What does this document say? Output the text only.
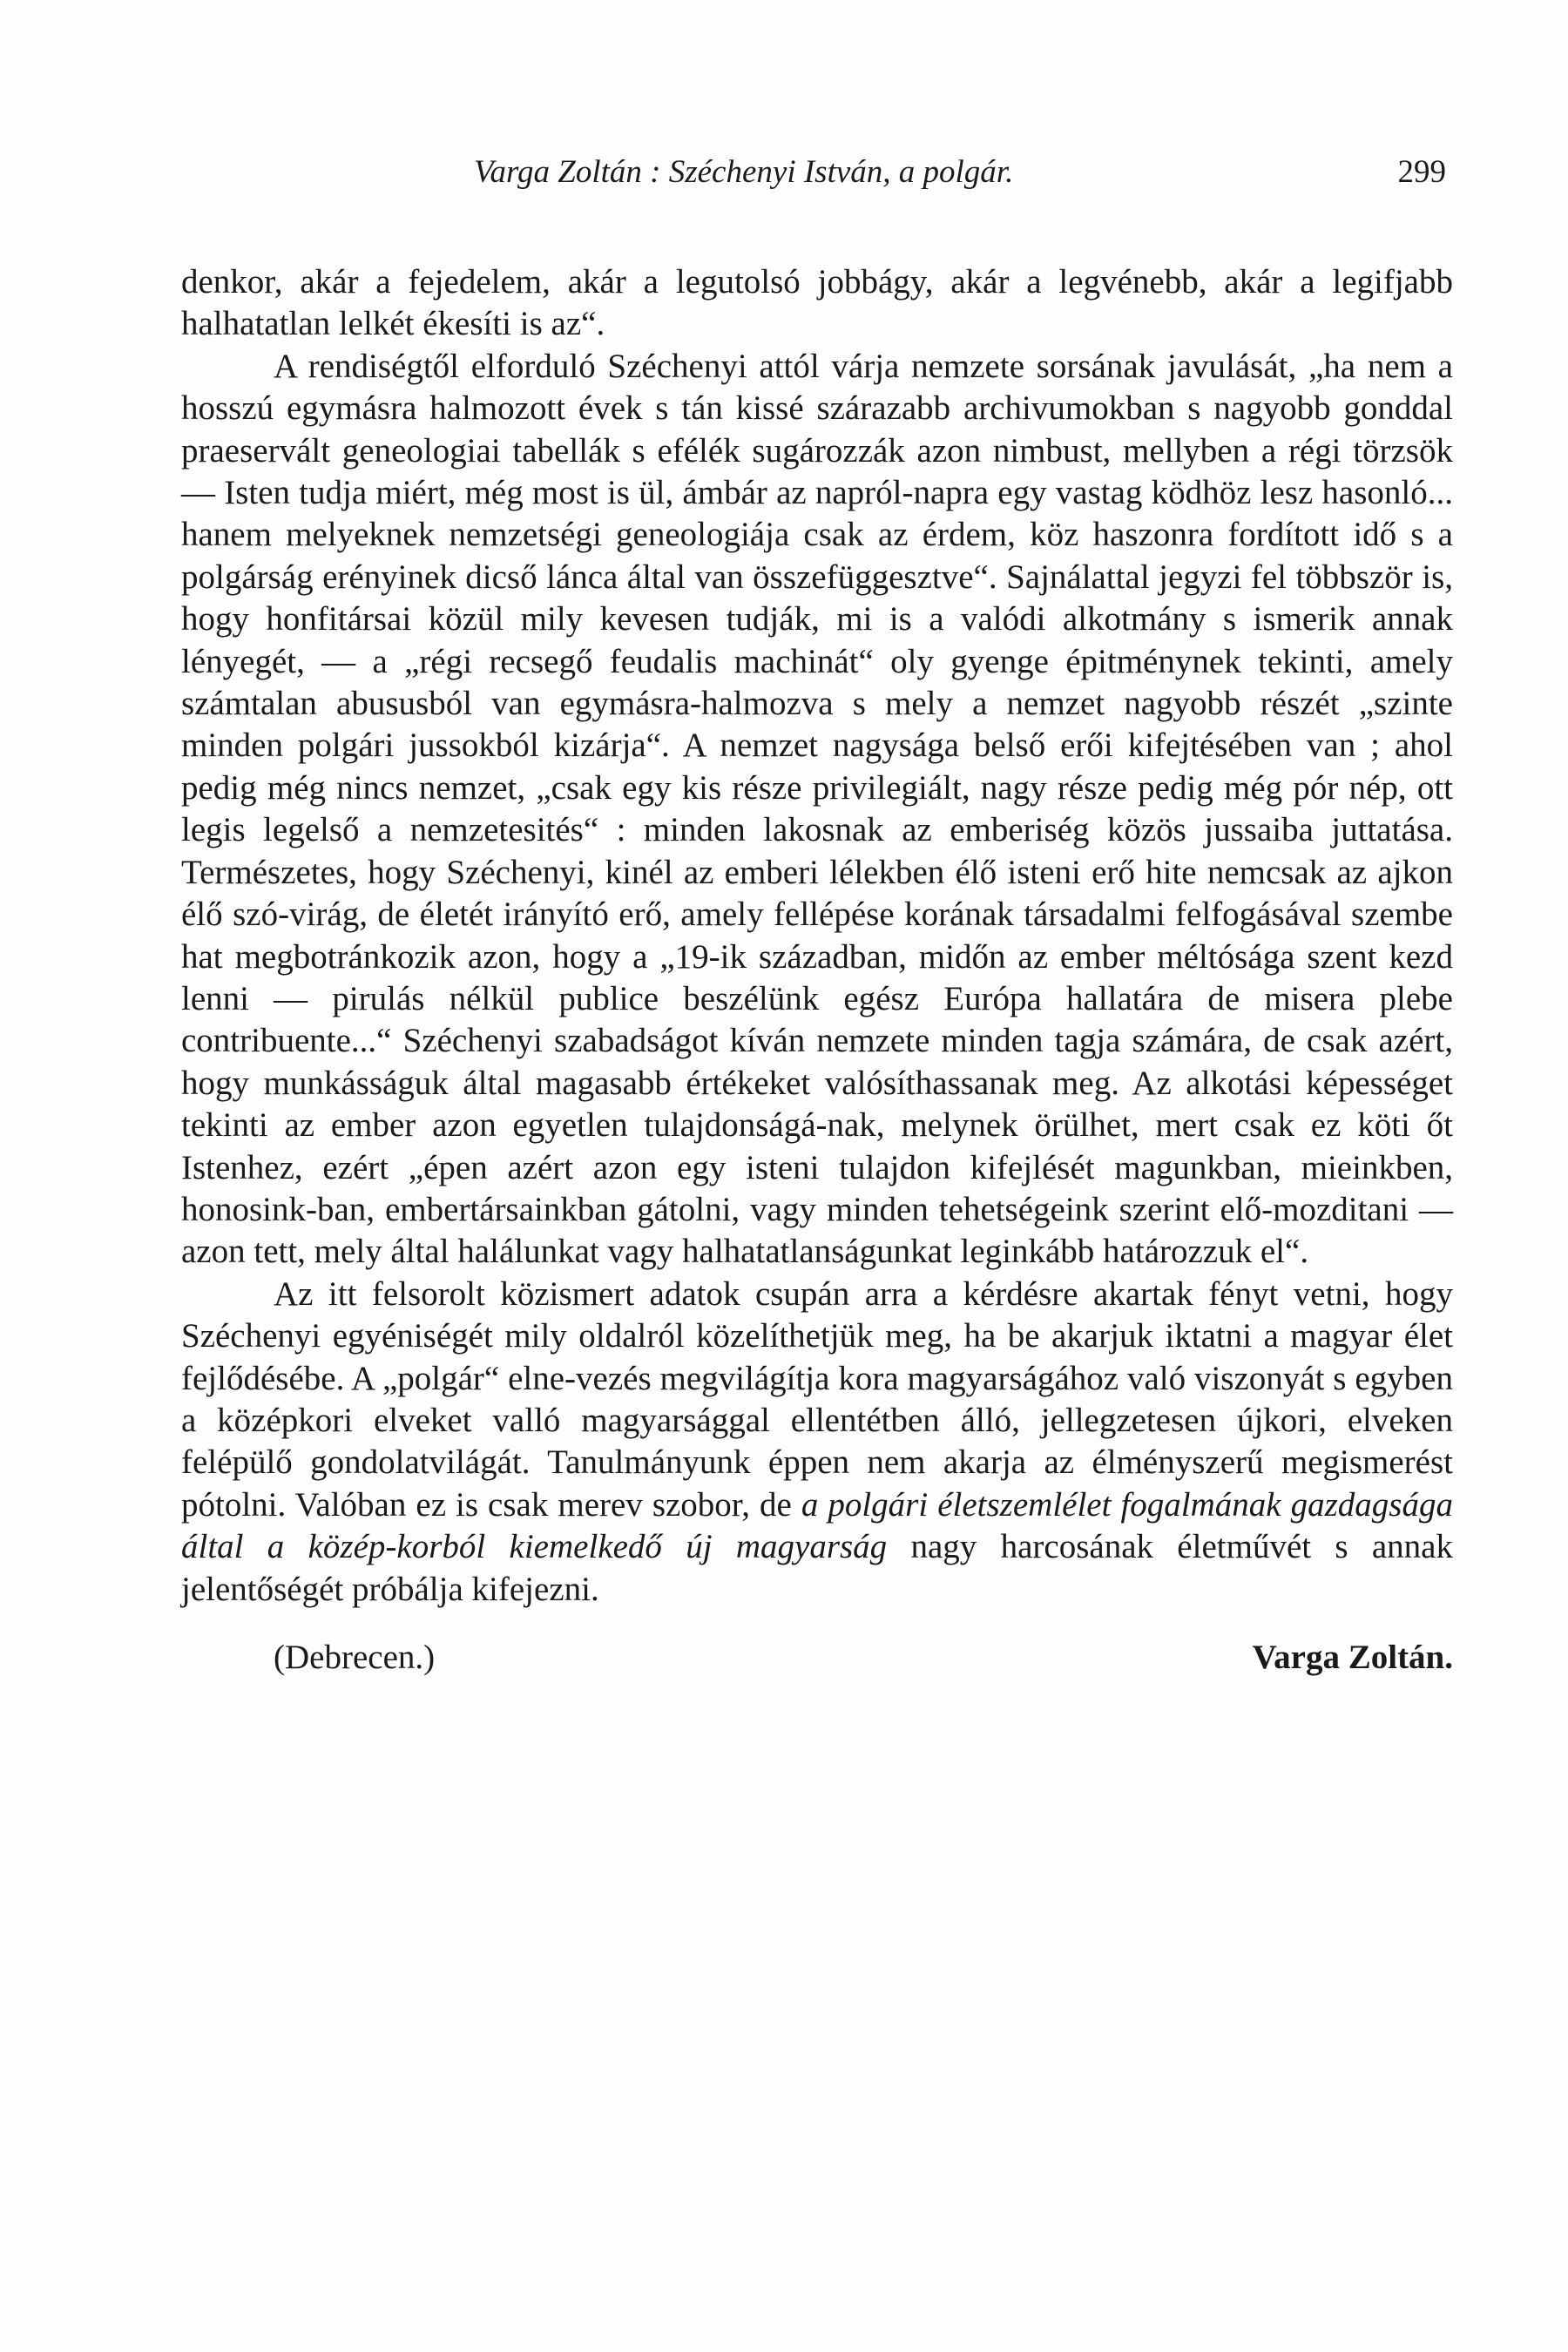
Varga Zoltán : Széchenyi István, a polgár.	299

denkor, akár a fejedelem, akár a legutolsó jobbágy, akár a legvénebb, akár a legifjabb halhatatlan lelkét ékesíti is az“.

A rendiségtől elforduló Széchenyi attól várja nemzete sorsának javulását, „ha nem a hosszú egymásra halmozott évek s tán kissé szárazabb archivumokban s nagyobb gonddal praeservált geneologiai tabellák s efélék sugározzák azon nimbust, mellyben a régi törzsök — Isten tudja miért, még most is ül, ámbár az napról-napra egy vastag ködhöz lesz hasonló... hanem melyeknek nemzetségi geneologiája csak az érdem, köz haszonra fordított idő s a polgárság erényinek dicső lánca által van összefüggesztve“. Sajnálattal jegyzi fel többször is, hogy honfitársai közül mily kevesen tudják, mi is a valódi alkotmány s ismerik annak lényegét, — a „régi recsegő feudalis machinát“ oly gyenge épitménynek tekinti, amely számtalan abususból van egymásra-halmozva s mely a nemzet nagyobb részét „szinte minden polgári jussokból kizárja“. A nemzet nagysága belső erői kifejtésében van ; ahol pedig még nincs nemzet, „csak egy kis része privilegiált, nagy része pedig még pór nép, ott legis legelső a nemzetesités“ : minden lakosnak az emberiség közös jussaiba juttatása. Természetes, hogy Széchenyi, kinél az emberi lélekben élő isteni erő hite nemcsak az ajkon élő szó-virág, de életét irányító erő, amely fellépése korának társadalmi felfogásával szembe hat megbotránkozik azon, hogy a „19-ik században, midőn az ember méltósága szent kezd lenni — pirulás nélkül publice beszélünk egész Európa hallatára de misera plebe contribuente...“ Széchenyi szabadságot kíván nemzete minden tagja számára, de csak azért, hogy munkásságuk által magasabb értékeket valósíthassanak meg. Az alkotási képességet tekinti az ember azon egyetlen tulajdonságá-nak, melynek örülhet, mert csak ez köti őt Istenhez, ezért „épen azért azon egy isteni tulajdon kifejlését magunkban, mieinkben, honosink-ban, embertársainkban gátolni, vagy minden tehetségeink szerint elő-mozditani — azon tett, mely által halálunkat vagy halhatatlanságunkat leginkább határozzuk el“.

Az itt felsorolt közismert adatok csupán arra a kérdésre akartak fényt vetni, hogy Széchenyi egyéniségét mily oldalról közelíthetjük meg, ha be akarjuk iktatni a magyar élet fejlődésébe. A „polgár“ elne-vezés megvilágítja kora magyarságához való viszonyát s egyben a középkori elveket valló magyarsággal ellentétben álló, jellegzetesen újkori, elveken felépülő gondolatvilágát. Tanulmányunk éppen nem akarja az élményszerű megismerést pótolni. Valóban ez is csak merev szobor, de a polgári életszemlélet fogalmának gazdagsága által a közép-korból kiemelkedő új magyarság nagy harcosának életművét s annak jelentőségét próbálja kifejezni.

(Debrecen.)	Varga Zoltán.
